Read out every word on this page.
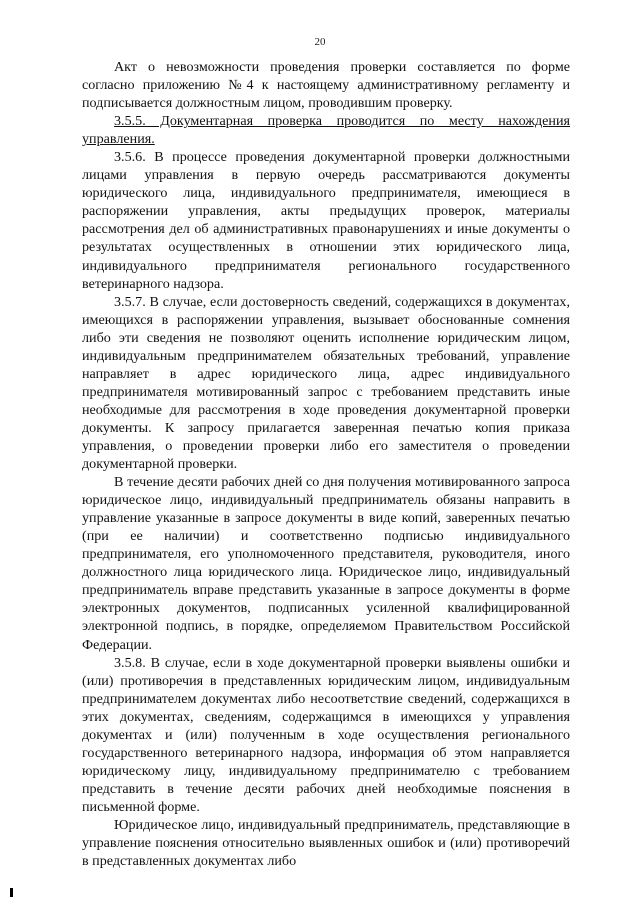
20

Акт о невозможности проведения проверки составляется по форме согласно приложению №4 к настоящему административному регламенту и подписывается должностным лицом, проводившим проверку.

3.5.5. Документарная проверка проводится по месту нахождения управления.

3.5.6. В процессе проведения документарной проверки должностными лицами управления в первую очередь рассматриваются документы юридического лица, индивидуального предпринимателя, имеющиеся в распоряжении управления, акты предыдущих проверок, материалы рассмотрения дел об административных правонарушениях и иные документы о результатах осуществленных в отношении этих юридического лица, индивидуального предпринимателя регионального государственного ветеринарного надзора.

3.5.7. В случае, если достоверность сведений, содержащихся в документах, имеющихся в распоряжении управления, вызывает обоснованные сомнения либо эти сведения не позволяют оценить исполнение юридическим лицом, индивидуальным предпринимателем обязательных требований, управление направляет в адрес юридического лица, адрес индивидуального предпринимателя мотивированный запрос с требованием представить иные необходимые для рассмотрения в ходе проведения документарной проверки документы. К запросу прилагается заверенная печатью копия приказа управления, о проведении проверки либо его заместителя о проведении документарной проверки.

В течение десяти рабочих дней со дня получения мотивированного запроса юридическое лицо, индивидуальный предприниматель обязаны направить в управление указанные в запросе документы в виде копий, заверенных печатью (при ее наличии) и соответственно подписью индивидуального предпринимателя, его уполномоченного представителя, руководителя, иного должностного лица юридического лица. Юридическое лицо, индивидуальный предприниматель вправе представить указанные в запросе документы в форме электронных документов, подписанных усиленной квалифицированной электронной подпись, в порядке, определяемом Правительством Российской Федерации.

3.5.8. В случае, если в ходе документарной проверки выявлены ошибки и (или) противоречия в представленных юридическим лицом, индивидуальным предпринимателем документах либо несоответствие сведений, содержащихся в этих документах, сведениям, содержащимся в имеющихся у управления документах и (или) полученным в ходе осуществления регионального государственного ветеринарного надзора, информация об этом направляется юридическому лицу, индивидуальному предпринимателю с требованием представить в течение десяти рабочих дней необходимые пояснения в письменной форме.

Юридическое лицо, индивидуальный предприниматель, представляющие в управление пояснения относительно выявленных ошибок и (или) противоречий в представленных документах либо
